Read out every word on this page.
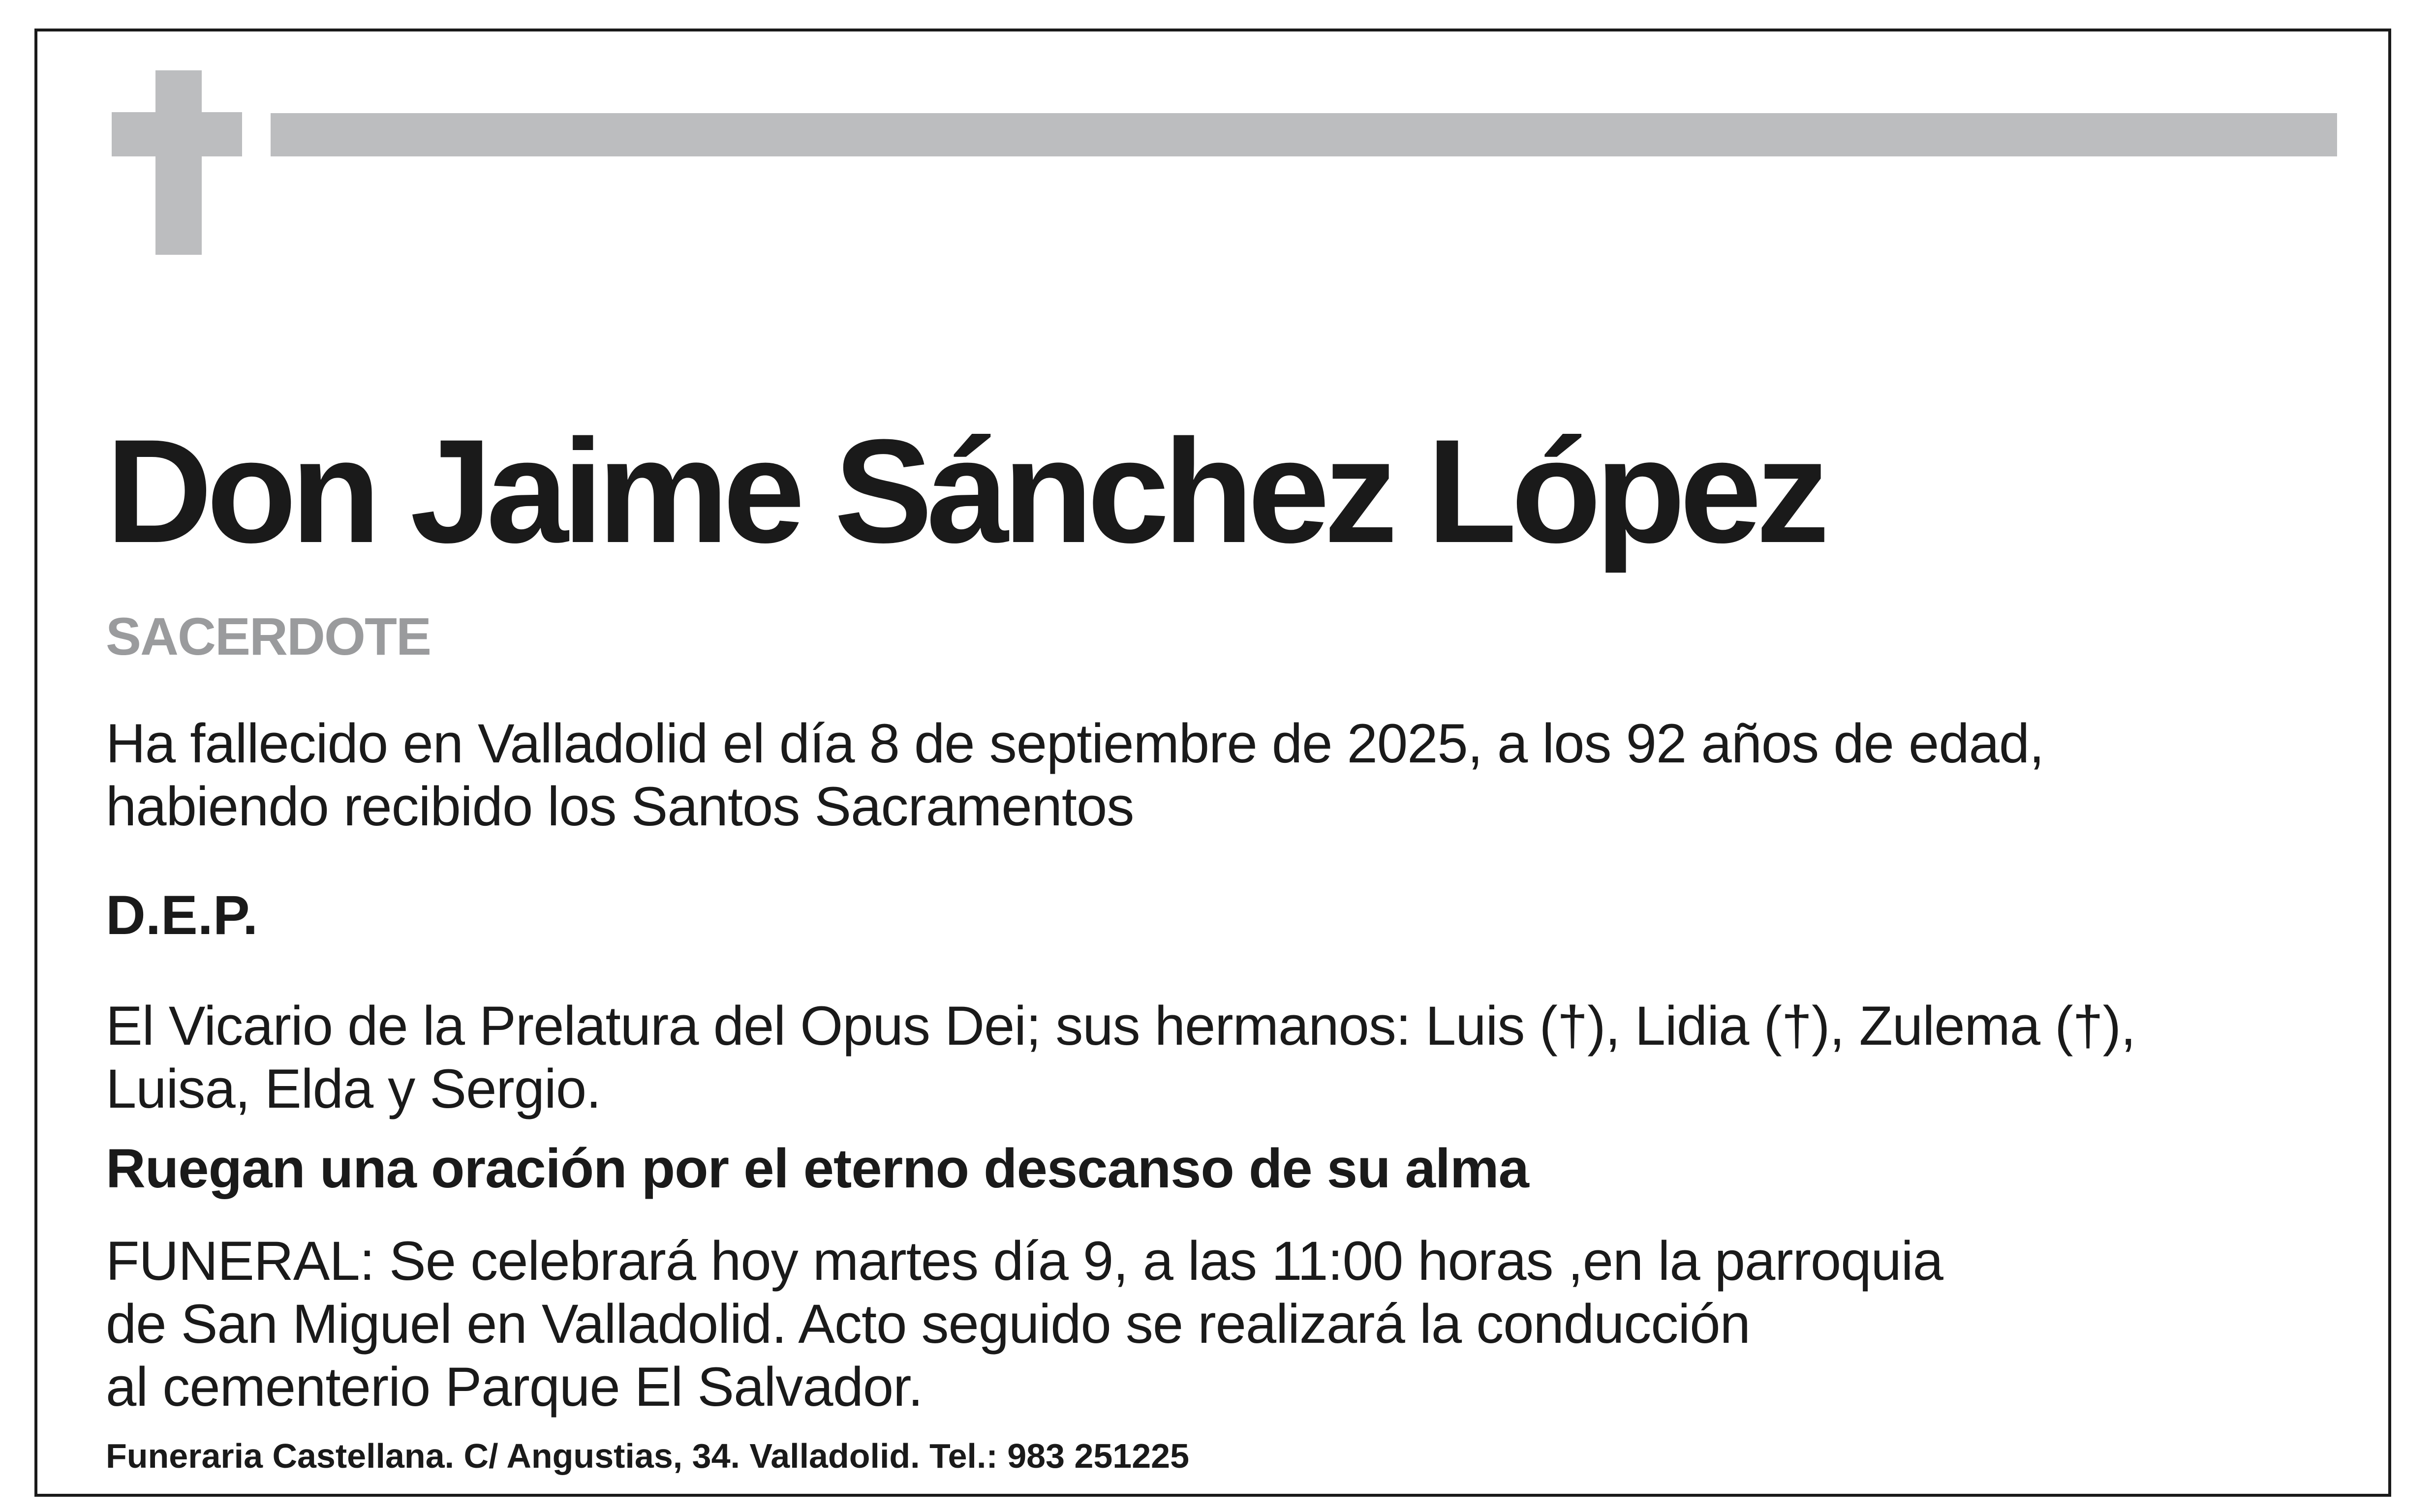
Don Jaime Sánchez López
SACERDOTE
Ha fallecido en Valladolid el día 8 de septiembre de 2025, a los 92 años de edad,
habiendo recibido los Santos Sacramentos
D.E.P.
El Vicario de la Prelatura del Opus Dei; sus hermanos: Luis (†), Lidia (†), Zulema (†),
Luisa, Elda y Sergio.
Ruegan una oración por el eterno descanso de su alma
FUNERAL: Se celebrará hoy martes día 9, a las 11:00 horas ,en la parroquia
de San Miguel en Valladolid. Acto seguido se realizará la conducción
al cementerio Parque El Salvador.
Funeraria Castellana. C/ Angustias, 34. Valladolid. Tel.: 983 251225
